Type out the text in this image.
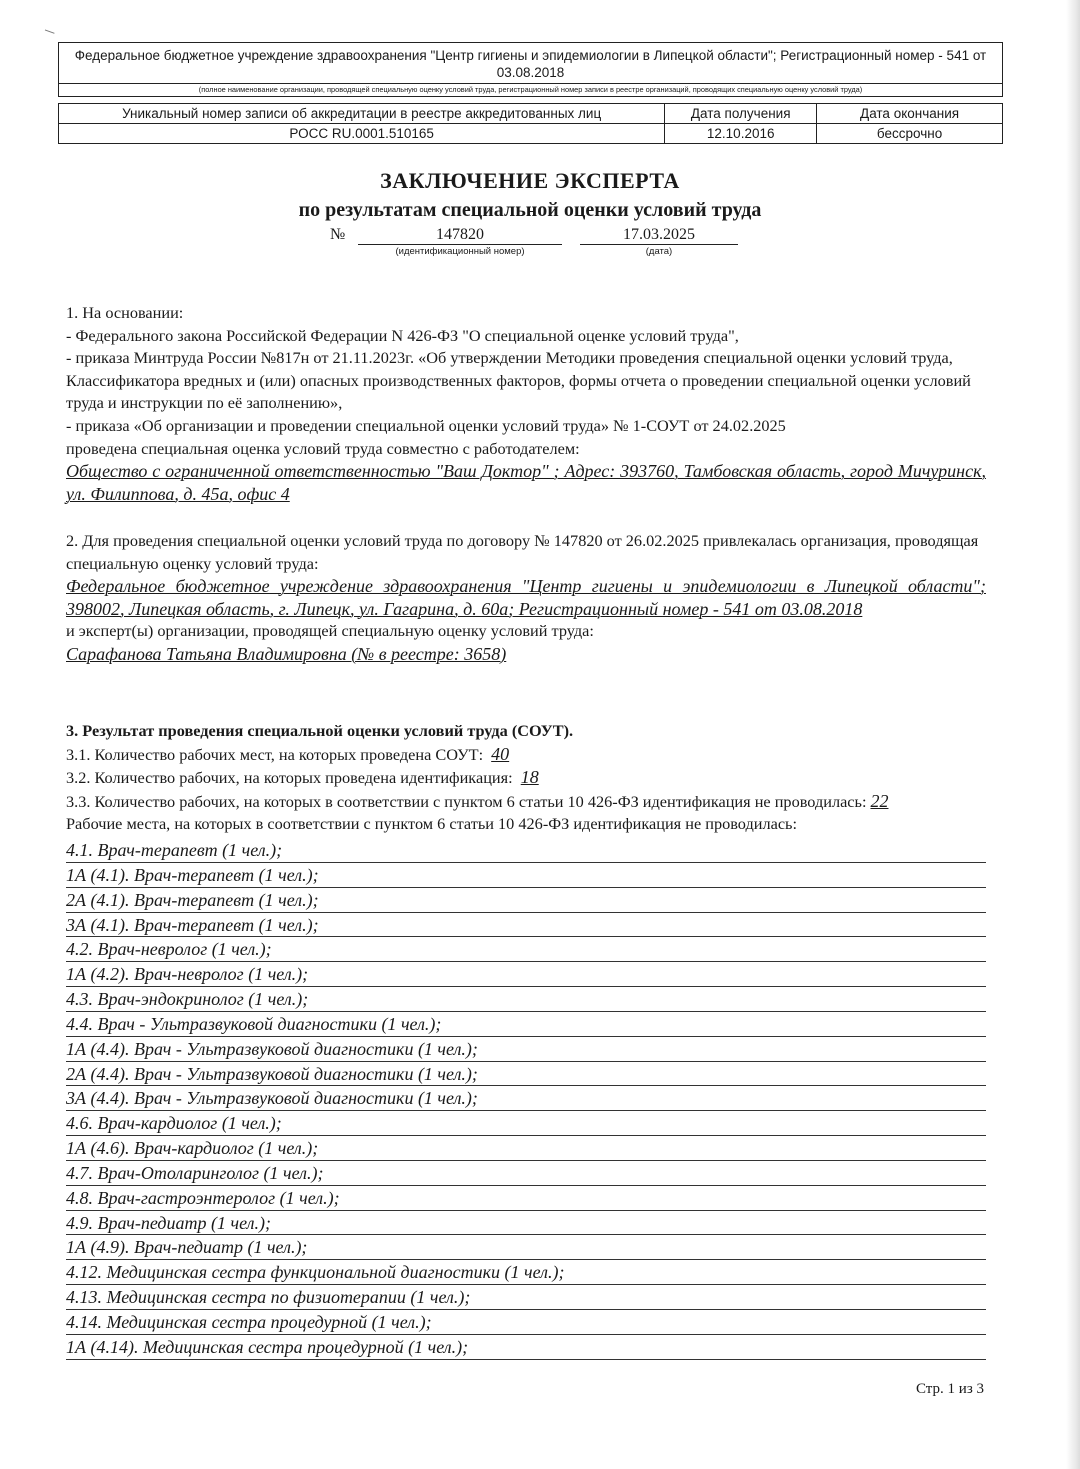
Федеральное бюджетное учреждение здравоохранения "Центр гигиены и эпидемиологии в Липецкой области"; Регистрационный номер - 541 от 03.08.2018
(полное наименование организации, проводящей специальную оценку условий труда, регистрационный номер записи в реестре организаций, проводящих специальную оценку условий труда)
Уникальный номер записи об аккредитации в реестре аккредитованных лиц	Дата получения	Дата окончания
РОСС RU.0001.510165	12.10.2016	бессрочно
ЗАКЛЮЧЕНИЕ ЭКСПЕРТА
по результатам специальной оценки условий труда
№	147820	17.03.2025
(идентификационный номер)	(дата)

1. На основании:

- Федерального закона Российской Федерации N 426-ФЗ "О специальной оценке условий труда",

- приказа Минтруда России №817н от 21.11.2023г. «Об утверждении Методики проведения специальной оценки условий труда, Классификатора вредных и (или) опасных производственных факторов, формы отчета о проведении специальной оценки условий труда и инструкции по её заполнению»,

- приказа «Об организации и проведении специальной оценки условий труда» № 1-СОУТ от 24.02.2025

проведена специальная оценка условий труда совместно с работодателем:

Общество с ограниченной ответственностью "Ваш Доктор" ; Адрес: 393760, Тамбовская область, город Мичуринск, ул. Филиппова, д. 45а, офис 4

2. Для проведения специальной оценки условий труда по договору № 147820 от 26.02.2025 привлекалась организация, проводящая специальную оценку условий труда:

Федеральное бюджетное учреждение здравоохранения "Центр гигиены и эпидемиологии в Липецкой области"; 398002, Липецкая область, г. Липецк, ул. Гагарина, д. 60а; Регистрационный номер - 541 от 03.08.2018

и эксперт(ы) организации, проводящей специальную оценку условий труда:

Сарафанова Татьяна Владимировна (№ в реестре: 3658)

3. Результат проведения специальной оценки условий труда (СОУТ).

3.1. Количество рабочих мест, на которых проведена СОУТ: 40

3.2. Количество рабочих, на которых проведена идентификация: 18

3.3. Количество рабочих, на которых в соответствии с пунктом 6 статьи 10 426-ФЗ идентификация не проводилась: 22

Рабочие места, на которых в соответствии с пунктом 6 статьи 10 426-ФЗ идентификация не проводилась:

4.1. Врач-терапевт (1 чел.);
1А (4.1). Врач-терапевт (1 чел.);
2А (4.1). Врач-терапевт (1 чел.);
3А (4.1). Врач-терапевт (1 чел.);
4.2. Врач-невролог (1 чел.);
1А (4.2). Врач-невролог (1 чел.);
4.3. Врач-эндокринолог (1 чел.);
4.4. Врач - Ультразвуковой диагностики (1 чел.);
1А (4.4). Врач - Ультразвуковой диагностики (1 чел.);
2А (4.4). Врач - Ультразвуковой диагностики (1 чел.);
3А (4.4). Врач - Ультразвуковой диагностики (1 чел.);
4.6. Врач-кардиолог (1 чел.);
1А (4.6). Врач-кардиолог (1 чел.);
4.7. Врач-Отоларинголог (1 чел.);
4.8. Врач-гастроэнтеролог (1 чел.);
4.9. Врач-педиатр (1 чел.);
1А (4.9). Врач-педиатр (1 чел.);
4.12. Медицинская сестра функциональной диагностики (1 чел.);
4.13. Медицинская сестра по физиотерапии (1 чел.);
4.14. Медицинская сестра процедурной (1 чел.);
1А (4.14). Медицинская сестра процедурной (1 чел.);
Стр. 1 из 3
